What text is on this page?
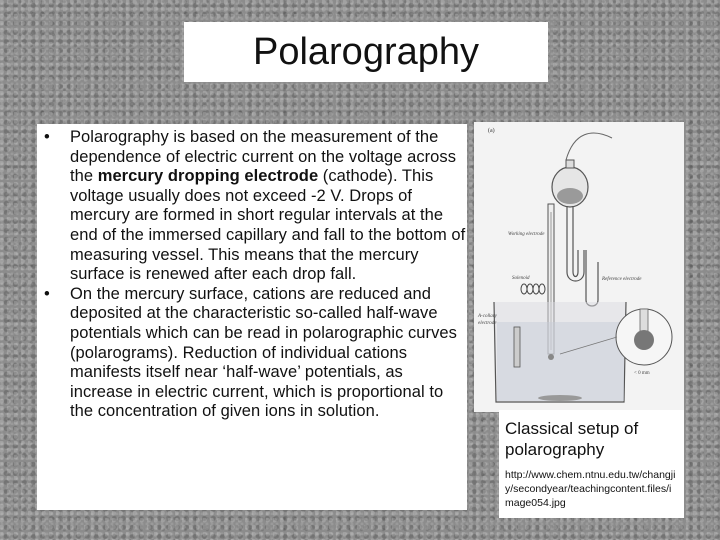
Polarography
• Polarography is based on the measurement of the dependence of electric current on the voltage across the mercury dropping electrode (cathode). This voltage usually does not exceed -2 V. Drops of mercury are formed in short regular intervals at the end of the immersed capillary and fall to the bottom of measuring vessel. This means that the mercury surface is renewed after each drop fall.
• On the mercury surface, cations are reduced and deposited at the characteristic so-called half-wave potentials which can be read in polarographic curves (polarograms). Reduction of individual cations manifests itself near ‘half-wave’ potentials, as increase in electric current, which is proportional to the concentration of given ions in solution.
(a)
Working electrode
Solenoid	Reference electrode
A-collary
electrode
< 0 mm
Classical setup of polarography
http://www.chem.ntnu.edu.tw/changjiy/secondyear/teachingcontent.files/image054.jpg
